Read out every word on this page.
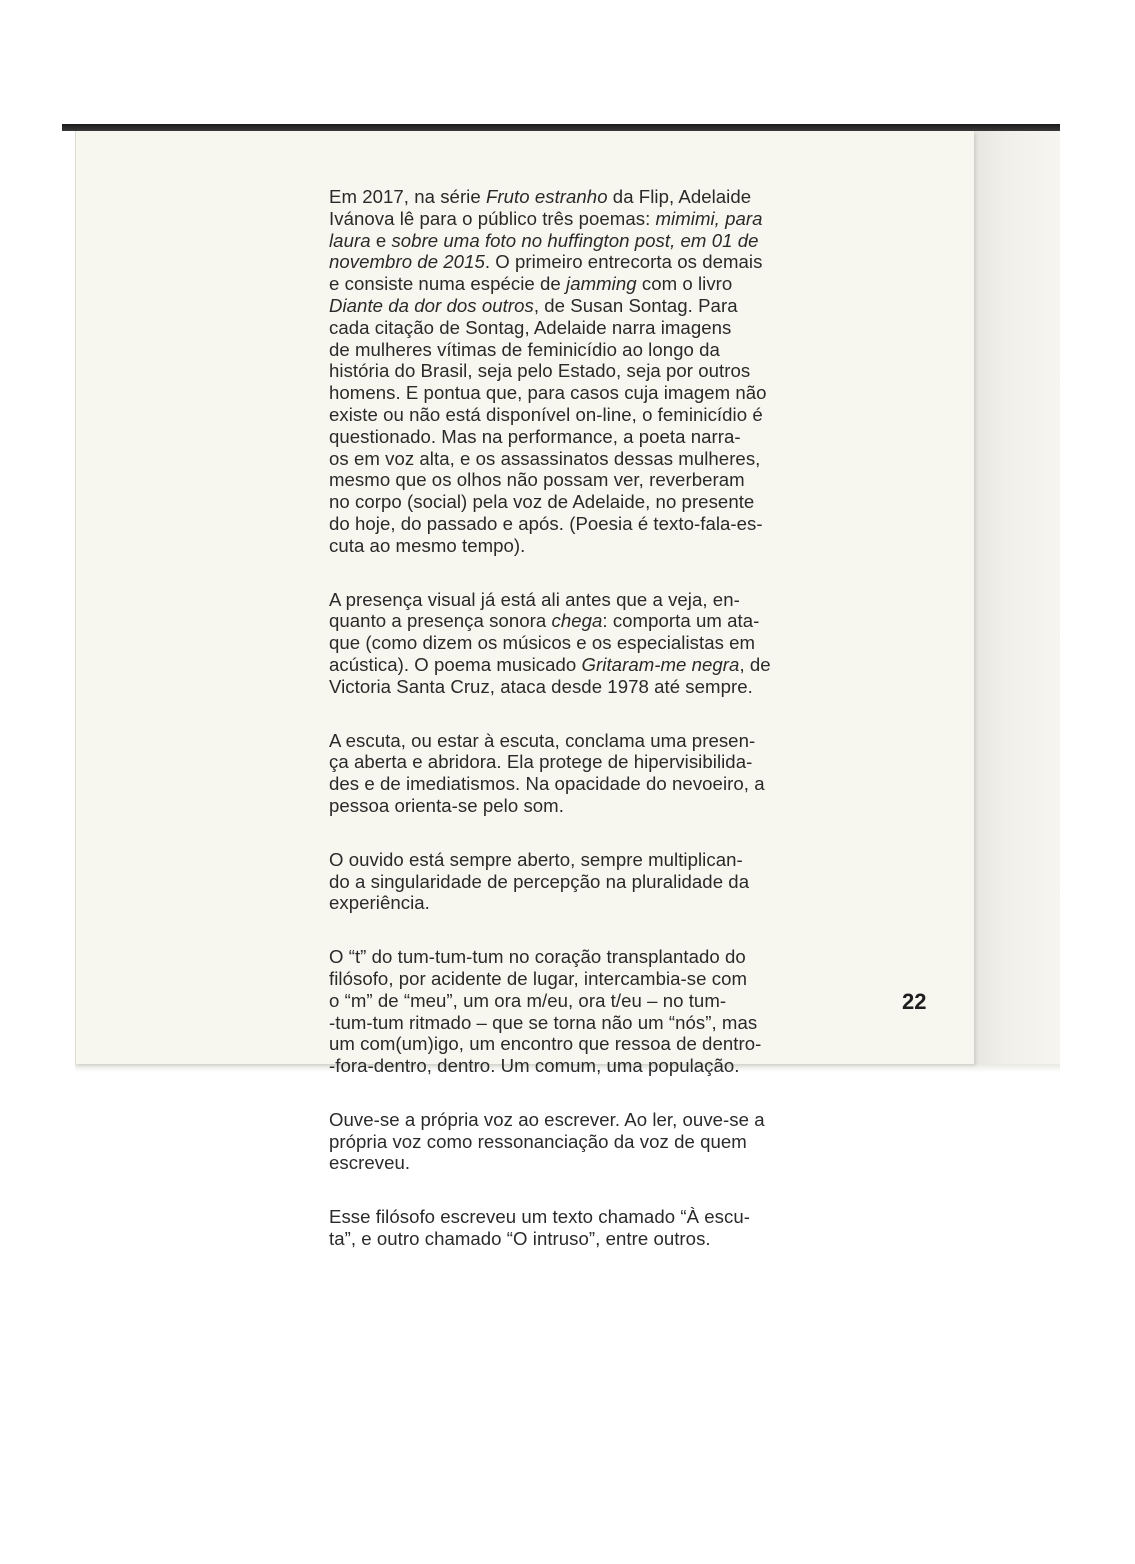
Em 2017, na série Fruto estranho da Flip, Adelaide
Ivánova lê para o público três poemas: mimimi, para
laura e sobre uma foto no huffington post, em 01 de
novembro de 2015. O primeiro entrecorta os demais
e consiste numa espécie de jamming com o livro
Diante da dor dos outros, de Susan Sontag. Para
cada citação de Sontag, Adelaide narra imagens
de mulheres vítimas de feminicídio ao longo da
história do Brasil, seja pelo Estado, seja por outros
homens. E pontua que, para casos cuja imagem não
existe ou não está disponível on-line, o feminicídio é
questionado. Mas na performance, a poeta narra-
os em voz alta, e os assassinatos dessas mulheres,
mesmo que os olhos não possam ver, reverberam
no corpo (social) pela voz de Adelaide, no presente
do hoje, do passado e após. (Poesia é texto-fala-es-
cuta ao mesmo tempo).

A presença visual já está ali antes que a veja, en-
quanto a presença sonora chega: comporta um ata-
que (como dizem os músicos e os especialistas em
acústica). O poema musicado Gritaram-me negra, de
Victoria Santa Cruz, ataca desde 1978 até sempre.

A escuta, ou estar à escuta, conclama uma presen-
ça aberta e abridora. Ela protege de hipervisibilida-
des e de imediatismos. Na opacidade do nevoeiro, a
pessoa orienta-se pelo som.

O ouvido está sempre aberto, sempre multiplican-
do a singularidade de percepção na pluralidade da
experiência.

O “t” do tum-tum-tum no coração transplantado do
filósofo, por acidente de lugar, intercambia-se com
o “m” de “meu”, um ora m/eu, ora t/eu – no tum-
-tum-tum ritmado – que se torna não um “nós”, mas
um com(um)igo, um encontro que ressoa de dentro-
-fora-dentro, dentro. Um comum, uma população.

Ouve-se a própria voz ao escrever. Ao ler, ouve-se a
própria voz como ressonanciação da voz de quem
escreveu.

Esse filósofo escreveu um texto chamado “À escu-
ta”, e outro chamado “O intruso”, entre outros.

22
